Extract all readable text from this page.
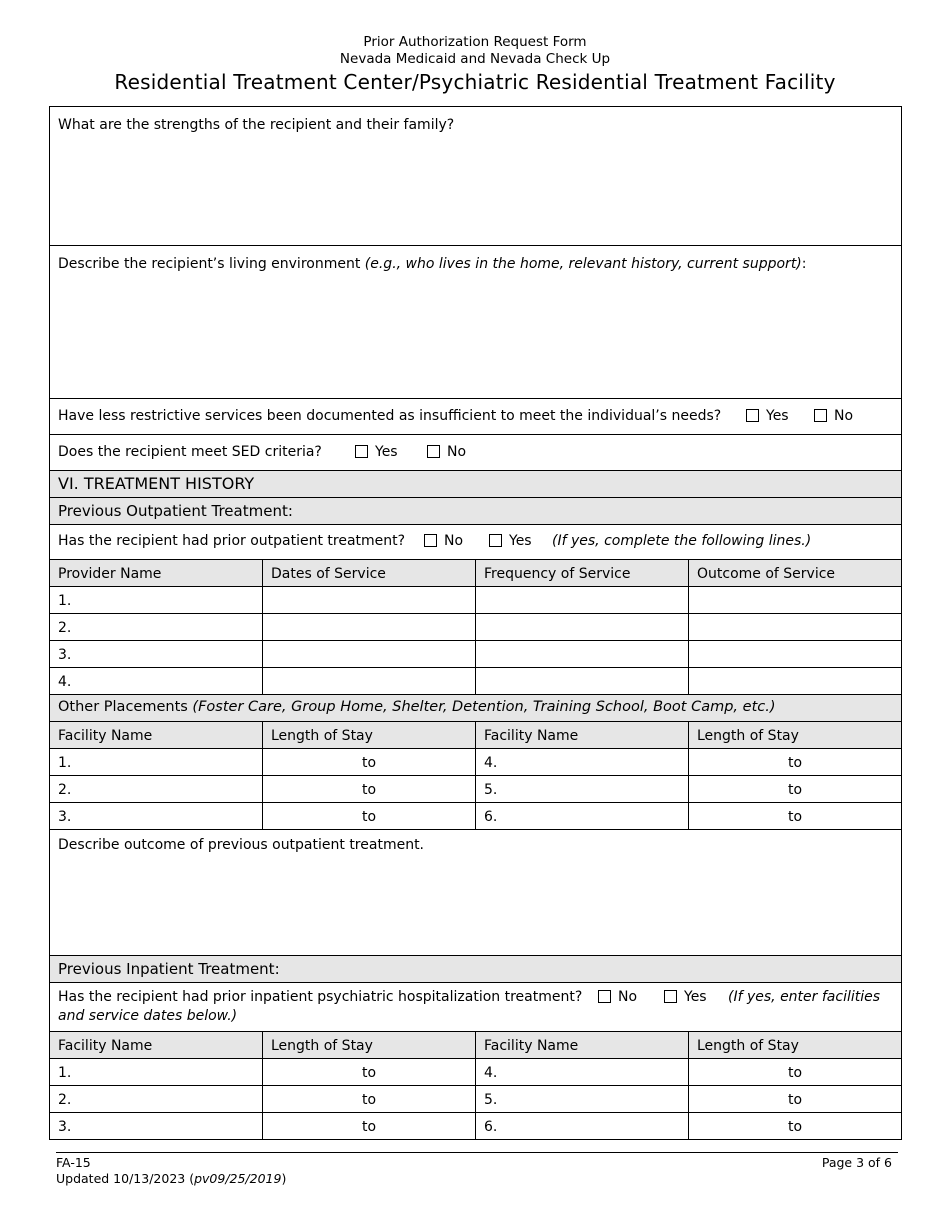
Prior Authorization Request Form
Nevada Medicaid and Nevada Check Up
Residential Treatment Center/Psychiatric Residential Treatment Facility
What are the strengths of the recipient and their family?
Describe the recipient’s living environment (e.g., who lives in the home, relevant history, current support):
Have less restrictive services been documented as insufficient to meet the individual’s needs?	Yes	No
Does the recipient meet SED criteria?	Yes	No
VI. TREATMENT HISTORY
Previous Outpatient Treatment:
Has the recipient had prior outpatient treatment?	No	Yes (If yes, complete the following lines.)
Provider Name	Dates of Service	Frequency of Service	Outcome of Service
1.
2.
3.
4.
Other Placements (Foster Care, Group Home, Shelter, Detention, Training School, Boot Camp, etc.)
Facility Name	Length of Stay	Facility Name	Length of Stay
1.	to	4.	to
2.	to	5.	to
3.	to	6.	to
Describe outcome of previous outpatient treatment.
Previous Inpatient Treatment:
Has the recipient had prior inpatient psychiatric hospitalization treatment?	No	Yes (If yes, enter facilities
and service dates below.)
Facility Name	Length of Stay	Facility Name	Length of Stay
1.	to	4.	to
2.	to	5.	to
3.	to	6.	to
FA-15
Updated 10/13/2023 (pv09/25/2019)
Page 3 of 6
